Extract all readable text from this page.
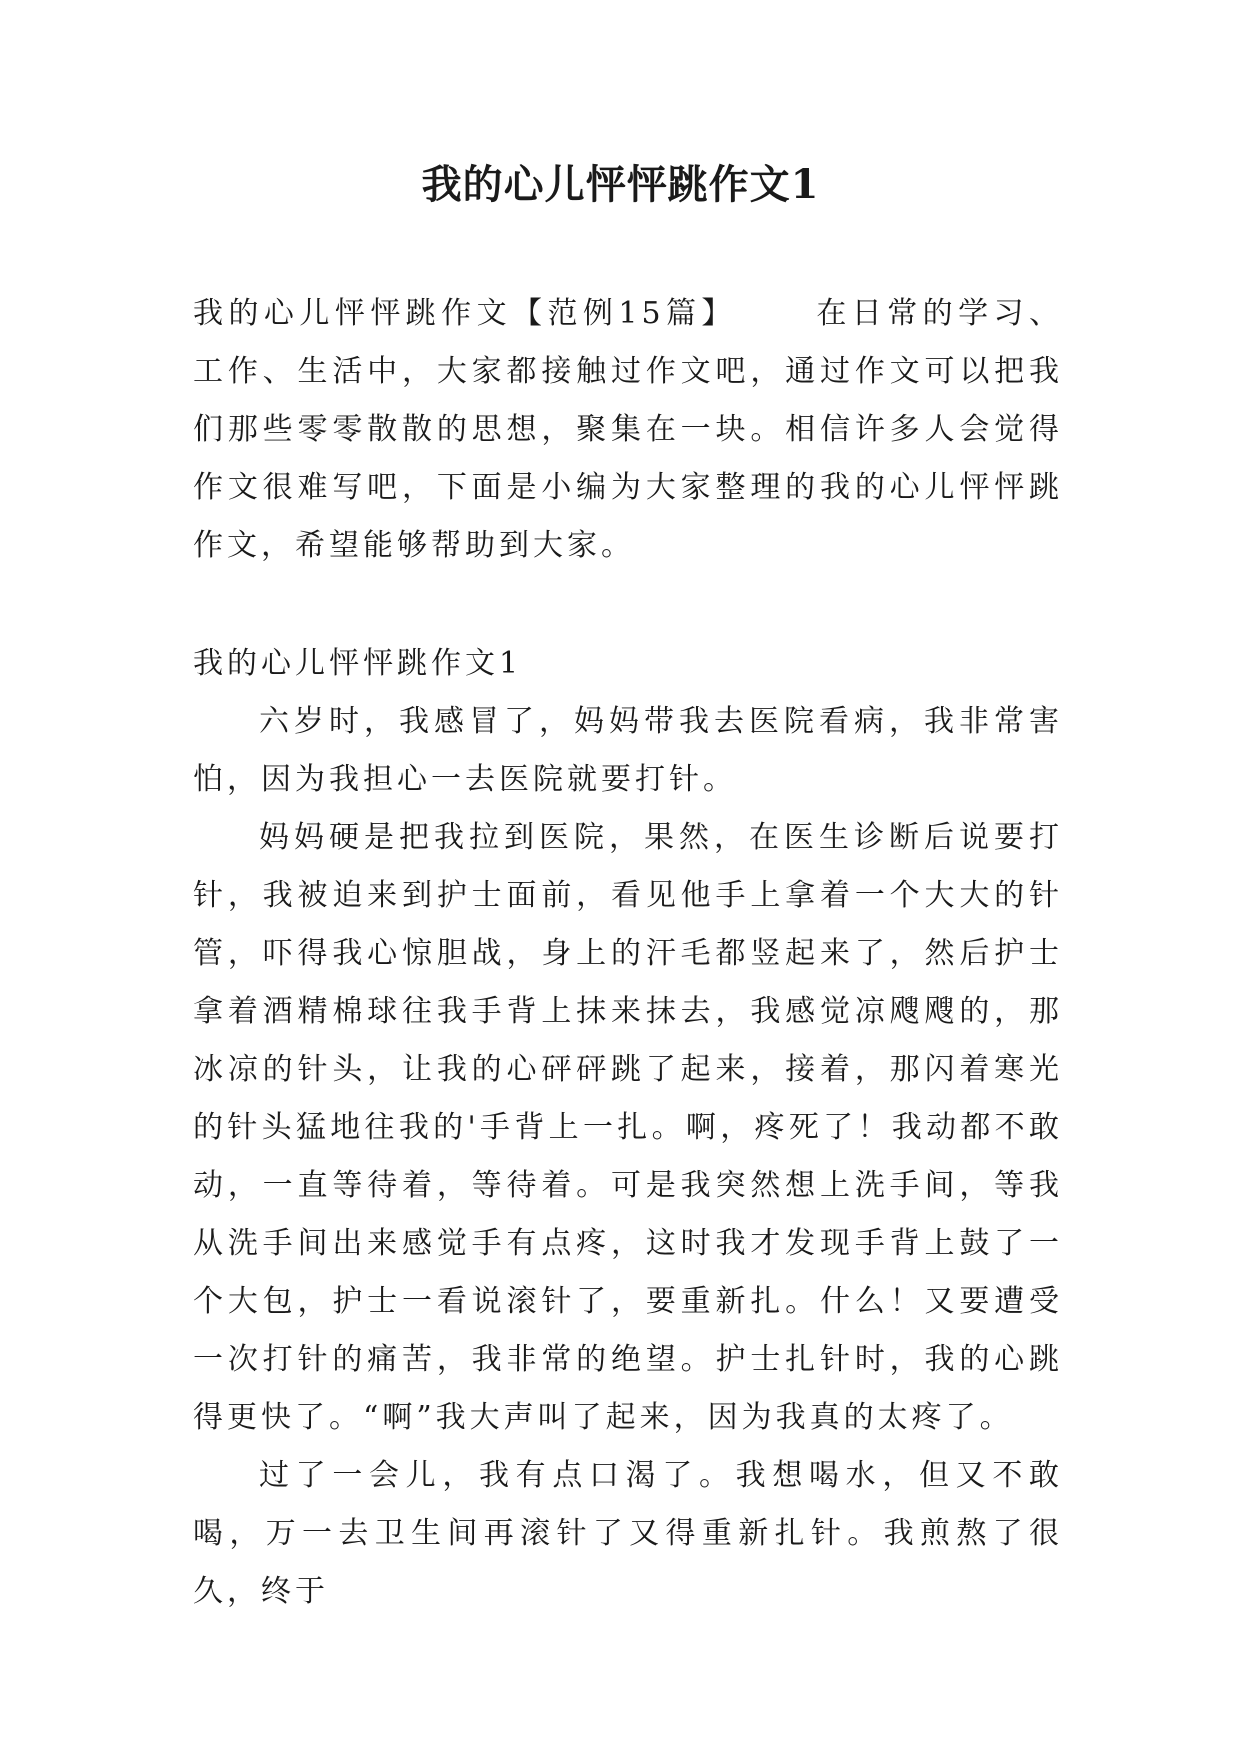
我的心儿怦怦跳作文1

我的心儿怦怦跳作文【范例15篇】	在日常的学习、工作、生活中，大家都接触过作文吧，通过作文可以把我们那些零零散散的思想，聚集在一块。相信许多人会觉得作文很难写吧，下面是小编为大家整理的我的心儿怦怦跳作文，希望能够帮助到大家。

我的心儿怦怦跳作文1

六岁时，我感冒了，妈妈带我去医院看病，我非常害怕，因为我担心一去医院就要打针。

妈妈硬是把我拉到医院，果然，在医生诊断后说要打针，我被迫来到护士面前，看见他手上拿着一个大大的针管，吓得我心惊胆战，身上的汗毛都竖起来了，然后护士拿着酒精棉球往我手背上抹来抹去，我感觉凉飕飕的，那冰凉的针头，让我的心砰砰跳了起来，接着，那闪着寒光的针头猛地往我的'手背上一扎。啊，疼死了！我动都不敢动，一直等待着，等待着。可是我突然想上洗手间，等我从洗手间出来感觉手有点疼，这时我才发现手背上鼓了一个大包，护士一看说滚针了，要重新扎。什么！又要遭受一次打针的痛苦，我非常的绝望。护士扎针时，我的心跳得更快了。“啊”我大声叫了起来，因为我真的太疼了。

过了一会儿，我有点口渴了。我想喝水，但又不敢喝，万一去卫生间再滚针了又得重新扎针。我煎熬了很久，终于
